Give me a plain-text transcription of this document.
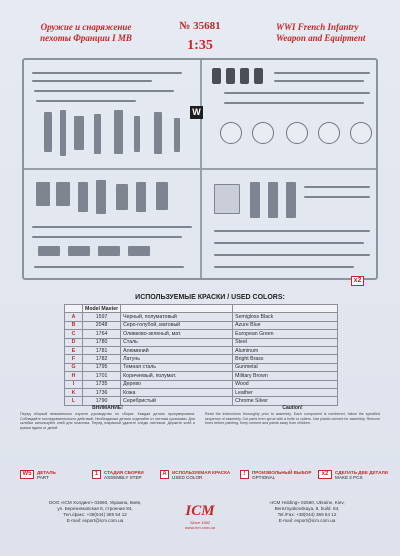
Оружие и снаряжение
пехоты Франции I МВ
№ 35681
1:35
WWI French Infantry
Weapon and Equipment
W
x2
ИСПОЛЬЗУЕМЫЕ КРАСКИ / USED COLORS:
	Model Master		
A	1597	Черный, полуматовый	Semigloss Black
B	2048	Серо-голубой, матовый	Azure Blue
C	1764	Оливково-зеленый, мат.	European Green
D	1780	Сталь	Steel
E	1781	Алюминий	Aluminum
F	1782	Латунь	Bright Brass
G	1795	Темная сталь	Gunmetal
H	1701	Коричневый, полумат.	Military Brown
I	1735	Дерево	Wood
K	1736	Кожа	Leather
L	1790	Серебристый	Chrome Silver
ВНИМАНИЕ!
Перед сборкой внимательно изучите руководство по сборке. Каждая деталь пронумерована. Соблюдайте последовательность действий. Необходимые детали отделяйте от литника кусачками. Для склейки используйте клей для пластика. Перед покраской удалите следы литников. Держите клей и краски вдали от детей.
Caution!
Read the instructions thoroughly prior to assembly. Each component is numbered, follow the specified sequence of assembly. Cut parts from sprue with a knife or cutters. Use plastic cement for assembly. Remove burrs before painting. Keep cement and paints away from children.
W5	ДЕТАЛЬ
PART
1	СТАДИЯ СБОРКИ
ASSEMBLY STEP
A	ИСПОЛЬЗУЕМАЯ КРАСКА
USED COLOR
!	ПРОИЗВОЛЬНЫЙ ВЫБОР
OPTIONAL
x2	СДЕЛАТЬ ДВЕ ДЕТАЛИ
MAKE 2 PCS
ООО «ICM Холдинг» 02660, Украина, Киев,
ул. Березняковская 8, строение 84,
Тел./факс: +38(044) 369 54 12
E-mail: export@icm.com.ua
ICM
Since 1992
www.icm.com.ua
«ICM Holding» 02660, Ukraine, Kiev,
Bereznyakovskaya, 8, build. 84,
Tel./Fax: +38(044) 369 54 12
E-mail: export@icm.com.ua
